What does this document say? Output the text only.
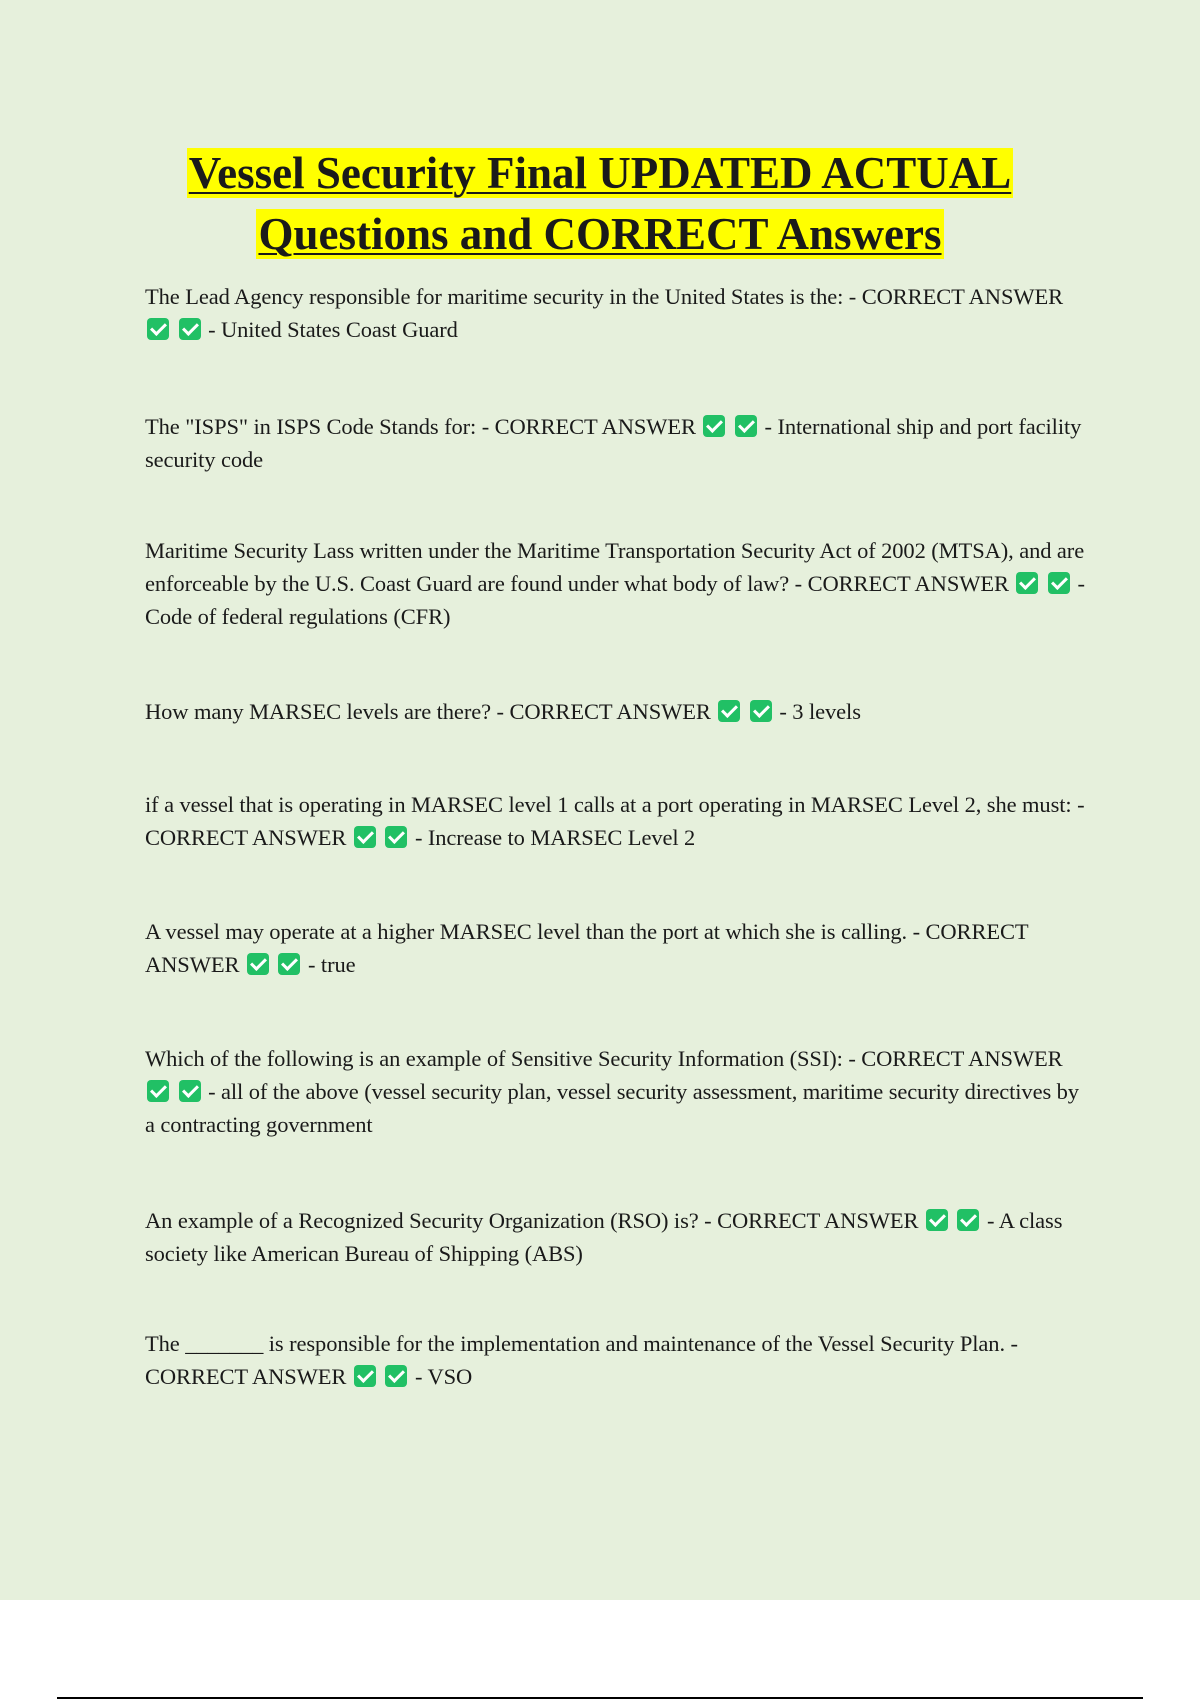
Vessel Security Final UPDATED ACTUAL
Questions and CORRECT Answers

The Lead Agency responsible for maritime security in the United States is the: - CORRECT ANSWER   - United States Coast Guard

The "ISPS" in ISPS Code Stands for: - CORRECT ANSWER	- International ship and port facility security code

Maritime Security Lass written under the Maritime Transportation Security Act of 2002 (MTSA), and are enforceable by the U.S. Coast Guard are found under what body of law? - CORRECT ANSWER	- Code of federal regulations (CFR)

How many MARSEC levels are there? - CORRECT ANSWER	- 3 levels

if a vessel that is operating in MARSEC level 1 calls at a port operating in MARSEC Level 2, she must: - CORRECT ANSWER	- Increase to MARSEC Level 2

A vessel may operate at a higher MARSEC level than the port at which she is calling. - CORRECT ANSWER	- true

Which of the following is an example of Sensitive Security Information (SSI): - CORRECT ANSWER   - all of the above (vessel security plan, vessel security assessment, maritime security directives by a contracting government

An example of a Recognized Security Organization (RSO) is? - CORRECT ANSWER	- A class society like American Bureau of Shipping (ABS)

The _______ is responsible for the implementation and maintenance of the Vessel Security Plan. - CORRECT ANSWER	- VSO
